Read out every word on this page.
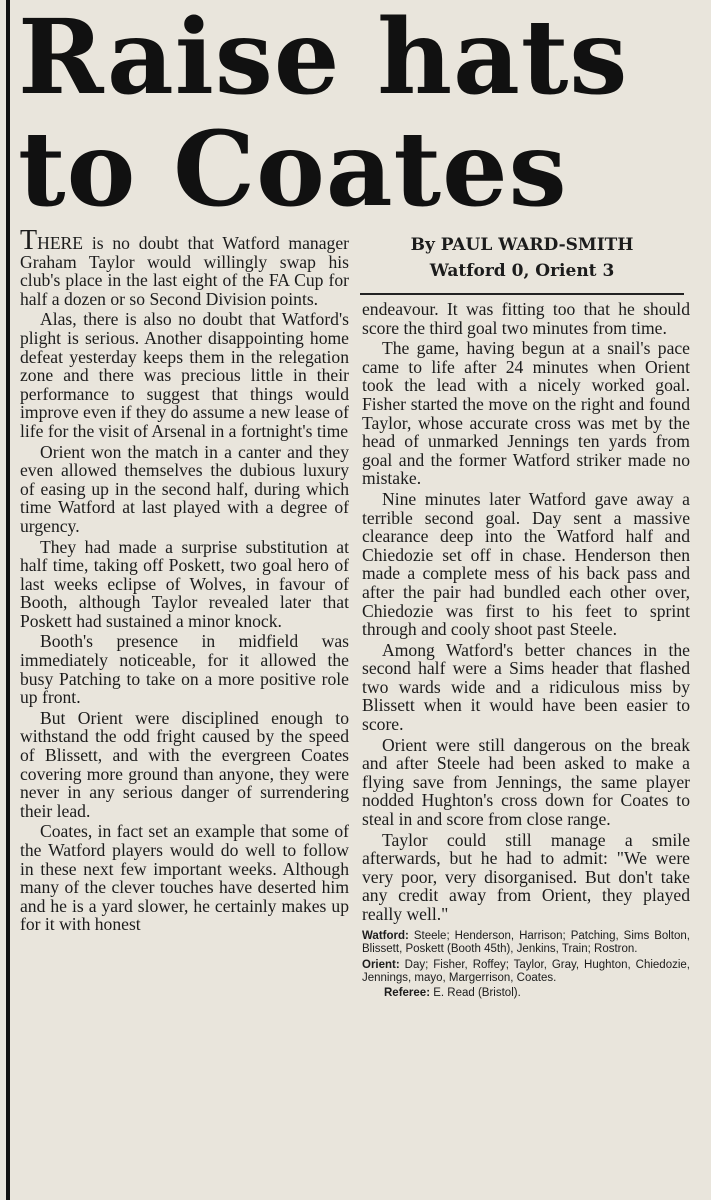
Raise hats
to Coates
By PAUL WARD-SMITH
Watford 0, Orient 3

THERE is no doubt that Watford manager Graham Taylor would willingly swap his club's place in the last eight of the FA Cup for half a dozen or so Second Division points.

Alas, there is also no doubt that Watford's plight is serious. Another disappointing home defeat yesterday keeps them in the relegation zone and there was precious little in their performance to suggest that things would improve even if they do assume a new lease of life for the visit of Arsenal in a fortnight's time

Orient won the match in a canter and they even allowed themselves the dubious luxury of easing up in the second half, during which time Watford at last played with a degree of urgency.

They had made a surprise substitution at half time, taking off Poskett, two goal hero of last weeks eclipse of Wolves, in favour of Booth, although Taylor revealed later that Poskett had sustained a minor knock.

Booth's presence in midfield was immediately noticeable, for it allowed the busy Patching to take on a more positive role up front.

But Orient were disciplined enough to withstand the odd fright caused by the speed of Blissett, and with the evergreen Coates covering more ground than anyone, they were never in any serious danger of surrendering their lead.

Coates, in fact set an example that some of the Watford players would do well to follow in these next few important weeks. Although many of the clever touches have deserted him and he is a yard slower, he certainly makes up for it with honest

endeavour. It was fitting too that he should score the third goal two minutes from time.

The game, having begun at a snail's pace came to life after 24 minutes when Orient took the lead with a nicely worked goal. Fisher started the move on the right and found Taylor, whose accurate cross was met by the head of unmarked Jennings ten yards from goal and the former Watford striker made no mistake.

Nine minutes later Watford gave away a terrible second goal. Day sent a massive clearance deep into the Watford half and Chiedozie set off in chase. Henderson then made a complete mess of his back pass and after the pair had bundled each other over, Chiedozie was first to his feet to sprint through and cooly shoot past Steele.

Among Watford's better chances in the second half were a Sims header that flashed two wards wide and a ridiculous miss by Blissett when it would have been easier to score.

Orient were still dangerous on the break and after Steele had been asked to make a flying save from Jennings, the same player nodded Hughton's cross down for Coates to steal in and score from close range.

Taylor could still manage a smile afterwards, but he had to admit: "We were very poor, very disorganised. But don't take any credit away from Orient, they played really well."

Watford: Steele; Henderson, Harrison; Patching, Sims Bolton, Blissett, Poskett (Booth 45th), Jenkins, Train; Rostron.
Orient: Day; Fisher, Roffey; Taylor, Gray, Hughton, Chiedozie, Jennings, mayo, Margerrison, Coates.
Referee: E. Read (Bristol).
